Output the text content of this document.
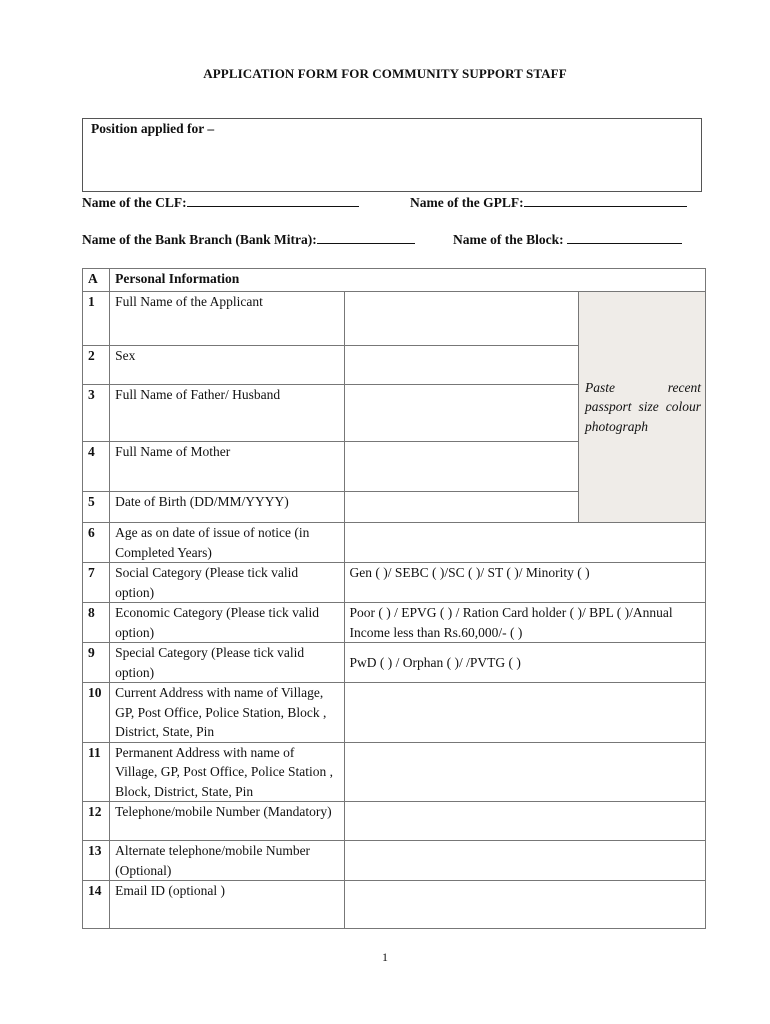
APPLICATION FORM FOR COMMUNITY SUPPORT STAFF
Position applied for –
Name of the CLF:	Name of the GPLF:
Name of the Bank Branch (Bank Mitra):	Name of the Block:
A	Personal Information		
1	Full Name of the Applicant		Paste recent passport size colour photograph

2	Sex		
3	Full Name of Father/ Husband		
4	Full Name of Mother		
5	Date of Birth (DD/MM/YYYY)		
6	Age as on date of issue of notice (in Completed Years)		
7	Social Category (Please tick valid option)	Gen ( )/ SEBC ( )/SC ( )/ ST ( )/ Minority ( )	
8	Economic Category (Please tick valid option)	Poor ( ) / EPVG ( ) / Ration Card holder ( )/ BPL ( )/Annual Income less than Rs.60,000/- ( )	
9	Special Category (Please tick valid option)	PwD ( ) / Orphan ( )/ /PVTG ( )	
10	Current Address with name of Village, GP, Post Office, Police Station, Block , District, State, Pin		
11	Permanent Address with name of Village, GP, Post Office, Police Station , Block, District, State, Pin		
12	Telephone/mobile Number (Mandatory)		
13	Alternate telephone/mobile Number (Optional)		
14	Email ID (optional )		
1
